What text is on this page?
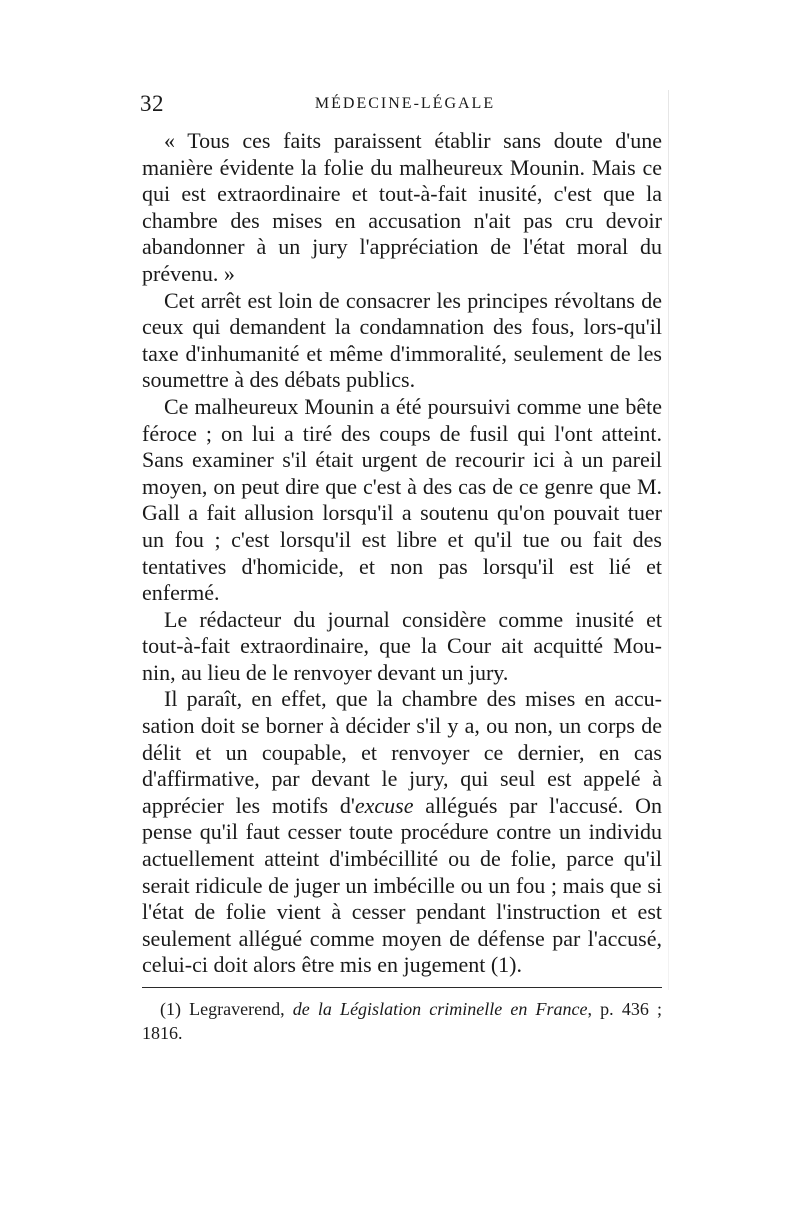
32	MÉDECINE-LÉGALE

« Tous ces faits paraissent établir sans doute d'une manière évidente la folie du malheureux Mounin. Mais ce qui est extraordinaire et tout-à-fait inusité, c'est que la chambre des mises en accusation n'ait pas cru devoir abandonner à un jury l'appréciation de l'état moral du prévenu. »

Cet arrêt est loin de consacrer les principes révoltans de ceux qui demandent la condamnation des fous, lors-qu'il taxe d'inhumanité et même d'immoralité, seulement de les soumettre à des débats publics.

Ce malheureux Mounin a été poursuivi comme une bête féroce ; on lui a tiré des coups de fusil qui l'ont atteint. Sans examiner s'il était urgent de recourir ici à un pareil moyen, on peut dire que c'est à des cas de ce genre que M. Gall a fait allusion lorsqu'il a soutenu qu'on pouvait tuer un fou ; c'est lorsqu'il est libre et qu'il tue ou fait des tentatives d'homicide, et non pas lorsqu'il est lié et enfermé.

Le rédacteur du journal considère comme inusité et tout-à-fait extraordinaire, que la Cour ait acquitté Mou-nin, au lieu de le renvoyer devant un jury.

Il paraît, en effet, que la chambre des mises en accu-sation doit se borner à décider s'il y a, ou non, un corps de délit et un coupable, et renvoyer ce dernier, en cas d'affirmative, par devant le jury, qui seul est appelé à apprécier les motifs d'excuse allégués par l'accusé. On pense qu'il faut cesser toute procédure contre un individu actuellement atteint d'imbécillité ou de folie, parce qu'il serait ridicule de juger un imbécille ou un fou ; mais que si l'état de folie vient à cesser pendant l'instruction et est seulement allégué comme moyen de défense par l'accusé, celui-ci doit alors être mis en jugement (1).

(1) Legraverend, de la Législation criminelle en France, p. 436 ; 1816.
